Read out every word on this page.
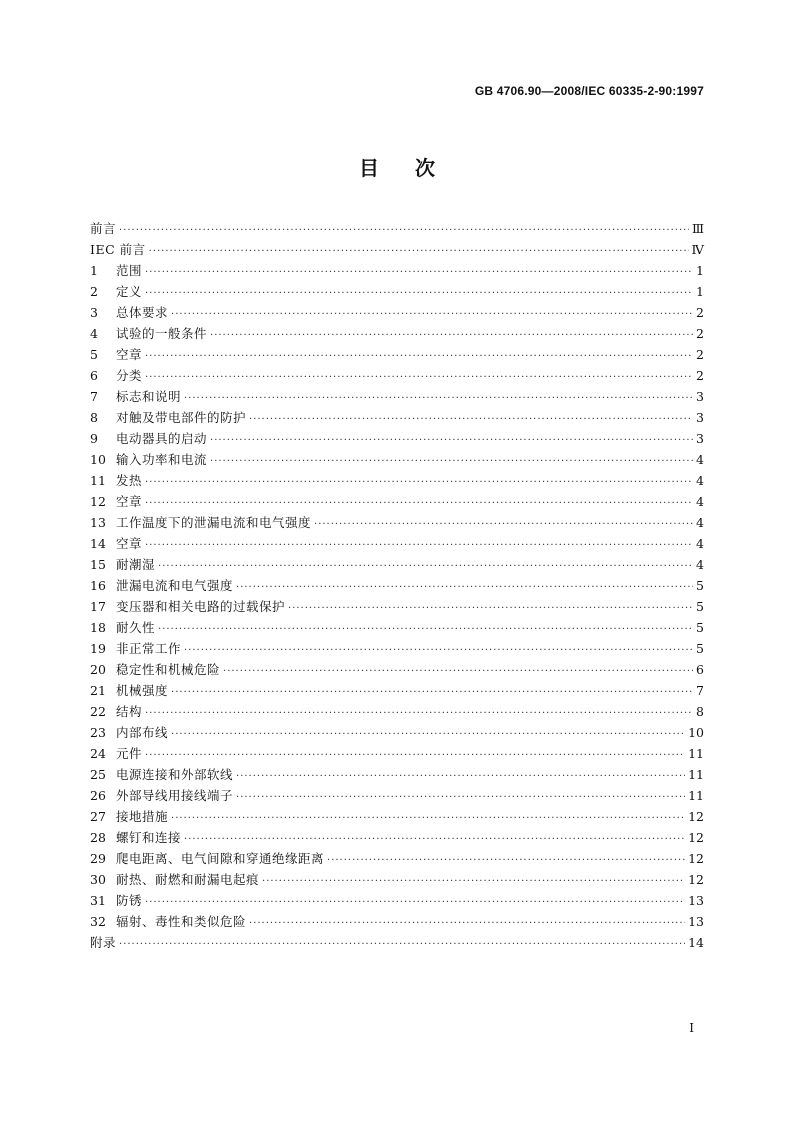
GB 4706.90—2008/IEC 60335-2-90:1997
目 次
前言 ·····	Ⅲ
IEC 前言 ·····	Ⅳ
1	范围 ·····	1
2	定义 ·····	1
3	总体要求 ·····	2
4	试验的一般条件 ·····	2
5	空章 ·····	2
6	分类 ·····	2
7	标志和说明 ·····	3
8	对触及带电部件的防护 ·····	3
9	电动器具的启动 ·····	3
10 输入功率和电流 ·····	4
11 发热 ·····	4
12 空章 ·····	4
13 工作温度下的泄漏电流和电气强度 ·····	4
14 空章 ·····	4
15 耐潮湿 ·····	4
16 泄漏电流和电气强度 ·····	5
17 变压器和相关电路的过载保护 ·····	5
18 耐久性 ·····	5
19 非正常工作 ·····	5
20 稳定性和机械危险 ·····	6
21 机械强度 ·····	7
22 结构 ·····	8
23 内部布线 ·····	10
24 元件 ·····	11
25 电源连接和外部软线 ·····	11
26 外部导线用接线端子 ·····	11
27 接地措施 ·····	12
28 螺钉和连接 ·····	12
29 爬电距离、电气间隙和穿通绝缘距离 ·····	12
30 耐热、耐燃和耐漏电起痕 ·····	12
31 防锈 ·····	13
32 辐射、毒性和类似危险 ·····	13
附录 ·····	14
I
